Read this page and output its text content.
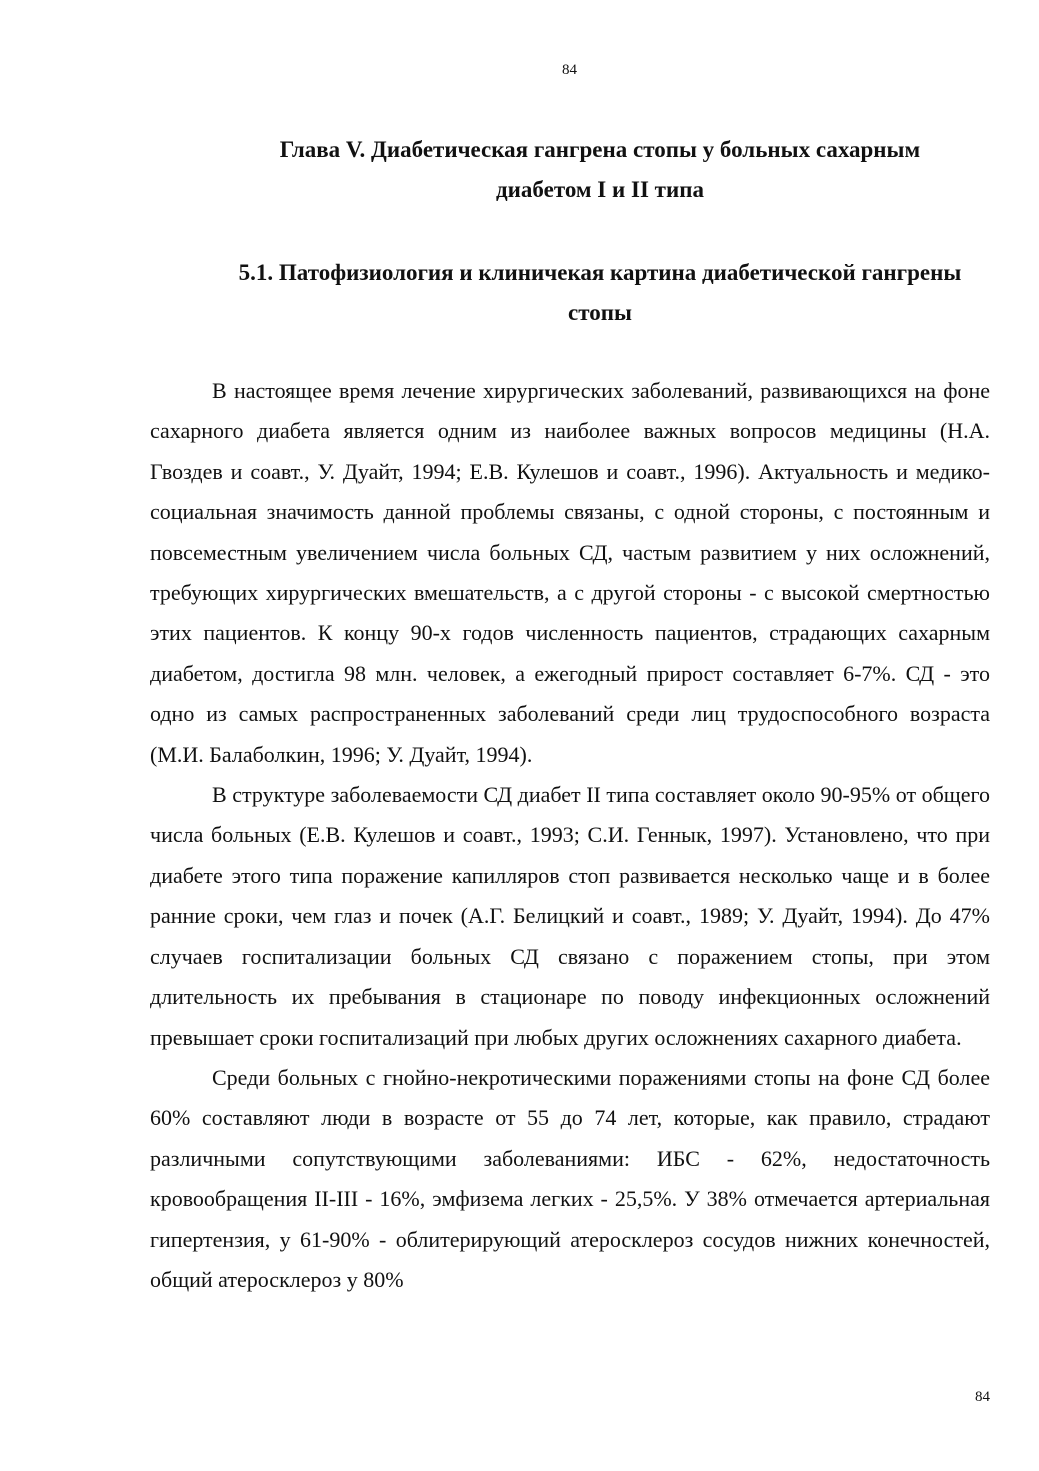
84
Глава V. Диабетическая гангрена стопы у больных сахарным
диабетом I и II типа
5.1. Патофизиология и клиничекая картина диабетической гангрены
стопы

В настоящее время лечение хирургических заболеваний, развивающихся на фоне сахарного диабета является одним из наиболее важных вопросов медицины (Н.А. Гвоздев и соавт., У. Дуайт, 1994; Е.В. Кулешов и соавт., 1996). Актуальность и медико-социальная значимость данной проблемы связаны, с одной стороны, с постоянным и повсеместным увеличением числа больных СД, частым развитием у них осложнений, требующих хирургических вмешательств, а с другой стороны - с высокой смертностью этих пациентов. К концу 90-х годов численность пациентов, страдающих сахарным диабетом, достигла 98 млн. человек, а ежегодный прирост составляет 6-7%. СД - это одно из самых распространенных заболеваний среди лиц трудоспособного возраста (М.И. Балаболкин, 1996; У. Дуайт, 1994).

В структуре заболеваемости СД диабет II типа составляет около 90-95% от общего числа больных (Е.В. Кулешов и соавт., 1993; С.И. Геннык, 1997). Установлено, что при диабете этого типа поражение капилляров стоп развивается несколько чаще и в более ранние сроки, чем глаз и почек (А.Г. Белицкий и соавт., 1989; У. Дуайт, 1994). До 47% случаев госпитализации больных СД связано с поражением стопы, при этом длительность их пребывания в стационаре по поводу инфекционных осложнений превышает сроки госпитализаций при любых других осложнениях сахарного диабета.

Среди больных с гнойно-некротическими поражениями стопы на фоне СД более 60% составляют люди в возрасте от 55 до 74 лет, которые, как правило, страдают различными сопутствующими заболеваниями: ИБС - 62%, недостаточность кровообращения II-III - 16%, эмфизема легких - 25,5%. У 38% отмечается артериальная гипертензия, у 61-90% - облитерирующий атеросклероз сосудов нижних конечностей, общий атеросклероз у 80%

84
